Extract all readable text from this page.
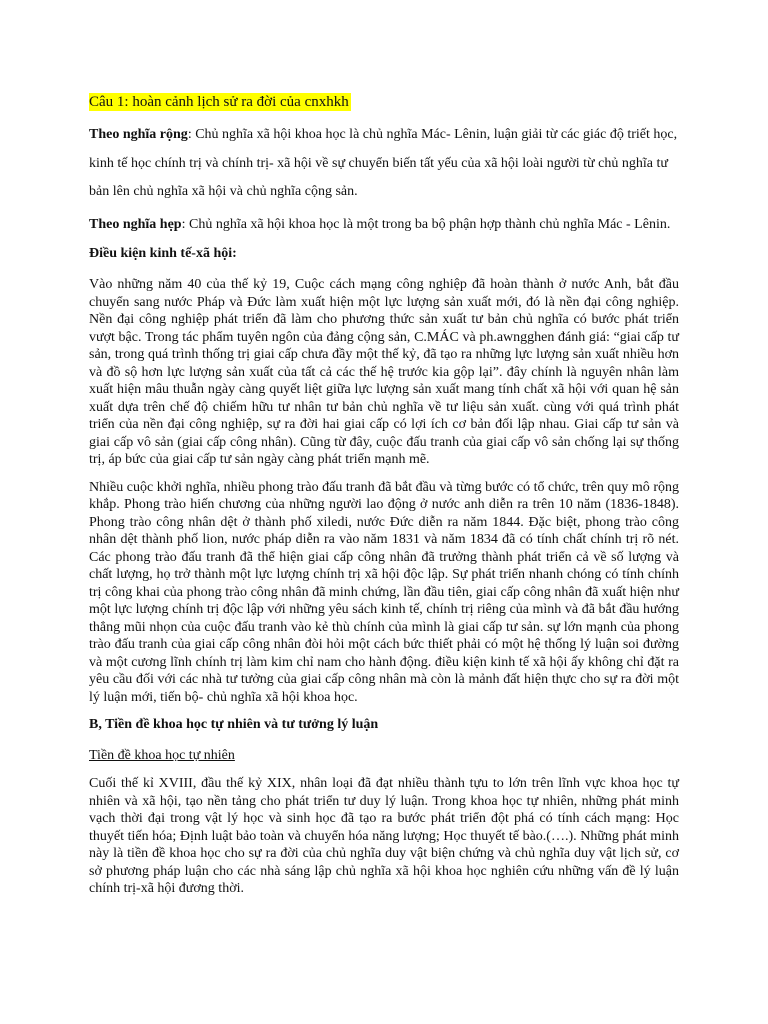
Câu 1: hoàn cảnh lịch sử ra đời của cnxhkh

Theo nghĩa rộng: Chủ nghĩa xã hội khoa học là chủ nghĩa Mác- Lênin, luận giải từ các giác độ triết học, kinh tế học chính trị và chính trị- xã hội về sự chuyển biến tất yếu của xã hội loài người từ chủ nghĩa tư bản lên chủ nghĩa xã hội và chủ nghĩa cộng sản.

Theo nghĩa hẹp: Chủ nghĩa xã hội khoa học là một trong ba bộ phận hợp thành chủ nghĩa Mác - Lênin.

Điều kiện kinh tế-xã hội:

Vào những năm 40 của thế kỷ 19, Cuộc cách mạng công nghiệp đã hoàn thành ở nước Anh, bắt đầu chuyển sang nước Pháp và Đức làm xuất hiện một lực lượng sản xuất mới, đó là nền đại công nghiệp. Nền đại công nghiệp phát triển đã làm cho phương thức sản xuất tư bản chủ nghĩa có bước phát triển vượt bậc. Trong tác phẩm tuyên ngôn của đảng cộng sản, C.MÁC và ph.awngghen đánh giá: “giai cấp tư sản, trong quá trình thống trị giai cấp chưa đầy một thế kỷ, đã tạo ra những lực lượng sản xuất nhiều hơn và đồ sộ hơn lực lượng sản xuất của tất cả các thế hệ trước kia gộp lại”. đây chính là nguyên nhân làm xuất hiện mâu thuẫn ngày càng quyết liệt giữa lực lượng sản xuất mang tính chất xã hội với quan hệ sản xuất dựa trên chế độ chiếm hữu tư nhân tư bản chủ nghĩa về tư liệu sản xuất. cùng với quá trình phát triển của nền đại công nghiệp, sự ra đời hai giai cấp có lợi ích cơ bản đối lập nhau. Giai cấp tư sản và giai cấp vô sản (giai cấp công nhân). Cũng từ đây, cuộc đấu tranh của giai cấp vô sản chống lại sự thống trị, áp bức của giai cấp tư sản ngày càng phát triển mạnh mẽ.

Nhiều cuộc khởi nghĩa, nhiều phong trào đấu tranh đã bắt đầu và từng bước có tổ chức, trên quy mô rộng khắp. Phong trào hiến chương của những người lao động ở nước anh diễn ra trên 10 năm (1836-1848). Phong trào công nhân dệt ở thành phố xiledi, nước Đức diễn ra năm 1844. Đặc biệt, phong trào công nhân dệt thành phố lion, nước pháp diễn ra vào năm 1831 và năm 1834 đã có tính chất chính trị rõ nét. Các phong trào đấu tranh đã thể hiện giai cấp công nhân đã trưởng thành phát triển cả về số lượng và chất lượng, họ trở thành một lực lượng chính trị xã hội độc lập. Sự phát triển nhanh chóng có tính chính trị công khai của phong trào công nhân đã minh chứng, lần đầu tiên, giai cấp công nhân đã xuất hiện như một lực lượng chính trị độc lập với những yêu sách kinh tế, chính trị riêng của mình và đã bắt đầu hướng thẳng mũi nhọn của cuộc đấu tranh vào kẻ thù chính của mình là giai cấp tư sản. sự lớn mạnh của phong trào đấu tranh của giai cấp công nhân đòi hỏi một cách bức thiết phải có một hệ thống lý luận soi đường và một cương lĩnh chính trị làm kim chỉ nam cho hành động. điều kiện kinh tế xã hội ấy không chỉ đặt ra yêu cầu đối với các nhà tư tưởng của giai cấp công nhân mà còn là mảnh đất hiện thực cho sự ra đời một lý luận mới, tiến bộ- chủ nghĩa xã hội khoa học.

B, Tiền đề khoa học tự nhiên và tư tưởng lý luận

Tiền đề khoa học tự nhiên

Cuối thế kỉ XVIII, đầu thế kỷ XIX, nhân loại đã đạt nhiều thành tựu to lớn trên lĩnh vực khoa học tự nhiên và xã hội, tạo nền tảng cho phát triển tư duy lý luận. Trong khoa học tự nhiên, những phát minh vạch thời đại trong vật lý học và sinh học đã tạo ra bước phát triển đột phá có tính cách mạng: Học thuyết tiến hóa; Định luật bảo toàn và chuyển hóa năng lượng; Học thuyết tế bào.(….). Những phát minh này là tiền đề khoa học cho sự ra đời của chủ nghĩa duy vật biện chứng và chủ nghĩa duy vật lịch sử, cơ sở phương pháp luận cho các nhà sáng lập chủ nghĩa xã hội khoa học nghiên cứu những vấn đề lý luận chính trị-xã hội đương thời.
